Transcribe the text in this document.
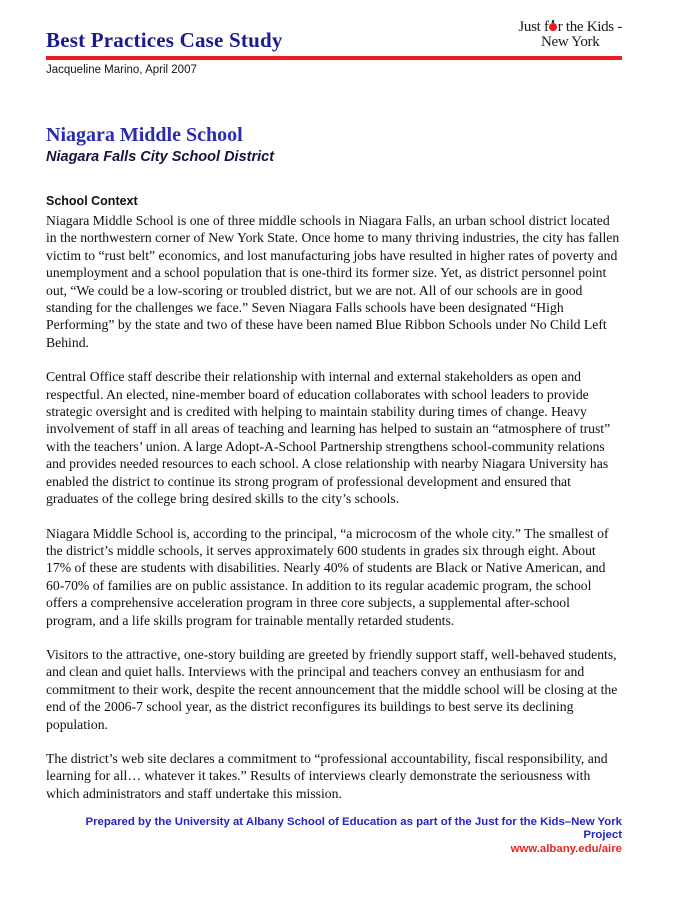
Best Practices Case Study
Just f r the Kids -
New York
Jacqueline Marino, April 2007
Niagara Middle School
Niagara Falls City School District
School Context

Niagara Middle School is one of three middle schools in Niagara Falls, an urban school district located in the northwestern corner of New York State. Once home to many thriving industries, the city has fallen victim to “rust belt” economics, and lost manufacturing jobs have resulted in higher rates of poverty and unemployment and a school population that is one-third its former size. Yet, as district personnel point out, “We could be a low-scoring or troubled district, but we are not. All of our schools are in good standing for the challenges we face.” Seven Niagara Falls schools have been designated “High Performing” by the state and two of these have been named Blue Ribbon Schools under No Child Left Behind.

Central Office staff describe their relationship with internal and external stakeholders as open and respectful. An elected, nine-member board of education collaborates with school leaders to provide strategic oversight and is credited with helping to maintain stability during times of change. Heavy involvement of staff in all areas of teaching and learning has helped to sustain an “atmosphere of trust” with the teachers’ union. A large Adopt-A-School Partnership strengthens school-community relations and provides needed resources to each school. A close relationship with nearby Niagara University has enabled the district to continue its strong program of professional development and ensured that graduates of the college bring desired skills to the city’s schools.

Niagara Middle School is, according to the principal, “a microcosm of the whole city.” The smallest of the district’s middle schools, it serves approximately 600 students in grades six through eight. About 17% of these are students with disabilities. Nearly 40% of students are Black or Native American, and 60-70% of families are on public assistance. In addition to its regular academic program, the school offers a comprehensive acceleration program in three core subjects, a supplemental after-school program, and a life skills program for trainable mentally retarded students.

Visitors to the attractive, one-story building are greeted by friendly support staff, well-behaved students, and clean and quiet halls. Interviews with the principal and teachers convey an enthusiasm for and commitment to their work, despite the recent announcement that the middle school will be closing at the end of the 2006-7 school year, as the district reconfigures its buildings to best serve its declining population.

The district’s web site declares a commitment to “professional accountability, fiscal responsibility, and learning for all… whatever it takes.” Results of interviews clearly demonstrate the seriousness with which administrators and staff undertake this mission.

Prepared by the University at Albany School of Education as part of the Just for the Kids–New York Project
www.albany.edu/aire
